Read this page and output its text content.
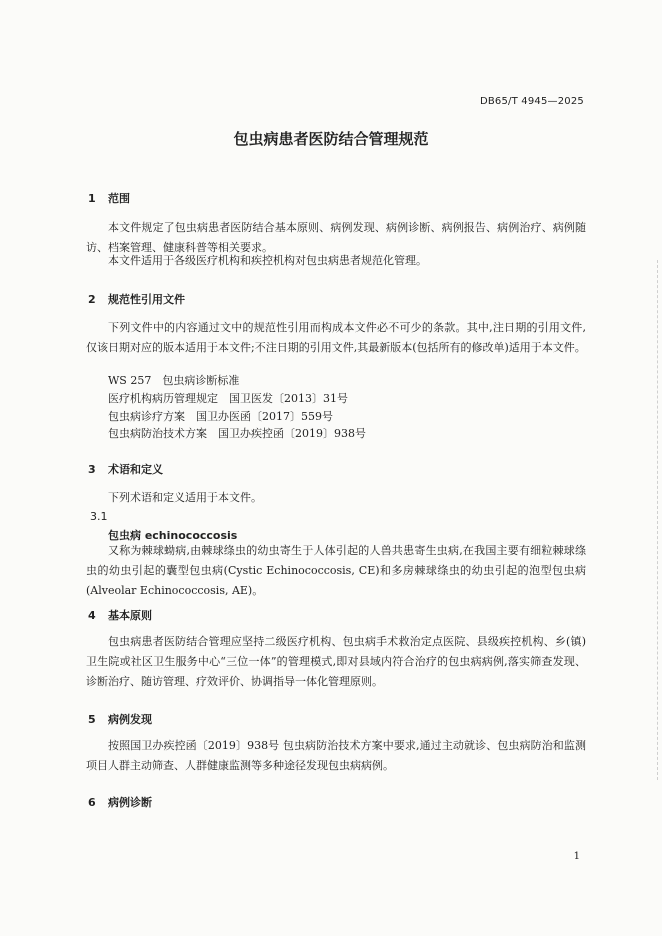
DB65/T 4945—2025
包虫病患者医防结合管理规范
1 范围
本文件规定了包虫病患者医防结合基本原则、病例发现、病例诊断、病例报告、病例治疗、病例随访、档案管理、健康科普等相关要求。
本文件适用于各级医疗机构和疾控机构对包虫病患者规范化管理。
2 规范性引用文件
下列文件中的内容通过文中的规范性引用而构成本文件必不可少的条款。其中,注日期的引用文件,仅该日期对应的版本适用于本文件;不注日期的引用文件,其最新版本(包括所有的修改单)适用于本文件。
WS 257　包虫病诊断标准
医疗机构病历管理规定　国卫医发〔2013〕31号
包虫病诊疗方案　国卫办医函〔2017〕559号
包虫病防治技术方案　国卫办疾控函〔2019〕938号
3 术语和定义
下列术语和定义适用于本文件。
3.1
包虫病 echinococcosis
又称为棘球蚴病,由棘球绦虫的幼虫寄生于人体引起的人兽共患寄生虫病,在我国主要有细粒棘球绦虫的幼虫引起的囊型包虫病(Cystic Echinococcosis, CE)和多房棘球绦虫的幼虫引起的泡型包虫病(Alveolar Echinococcosis, AE)。
4 基本原则
包虫病患者医防结合管理应坚持二级医疗机构、包虫病手术救治定点医院、县级疾控机构、乡(镇)卫生院或社区卫生服务中心“三位一体”的管理模式,即对县域内符合治疗的包虫病病例,落实筛查发现、诊断治疗、随访管理、疗效评价、协调指导一体化管理原则。
5 病例发现
按照国卫办疾控函〔2019〕938号 包虫病防治技术方案中要求,通过主动就诊、包虫病防治和监测项目人群主动筛查、人群健康监测等多种途径发现包虫病病例。
6 病例诊断
1
